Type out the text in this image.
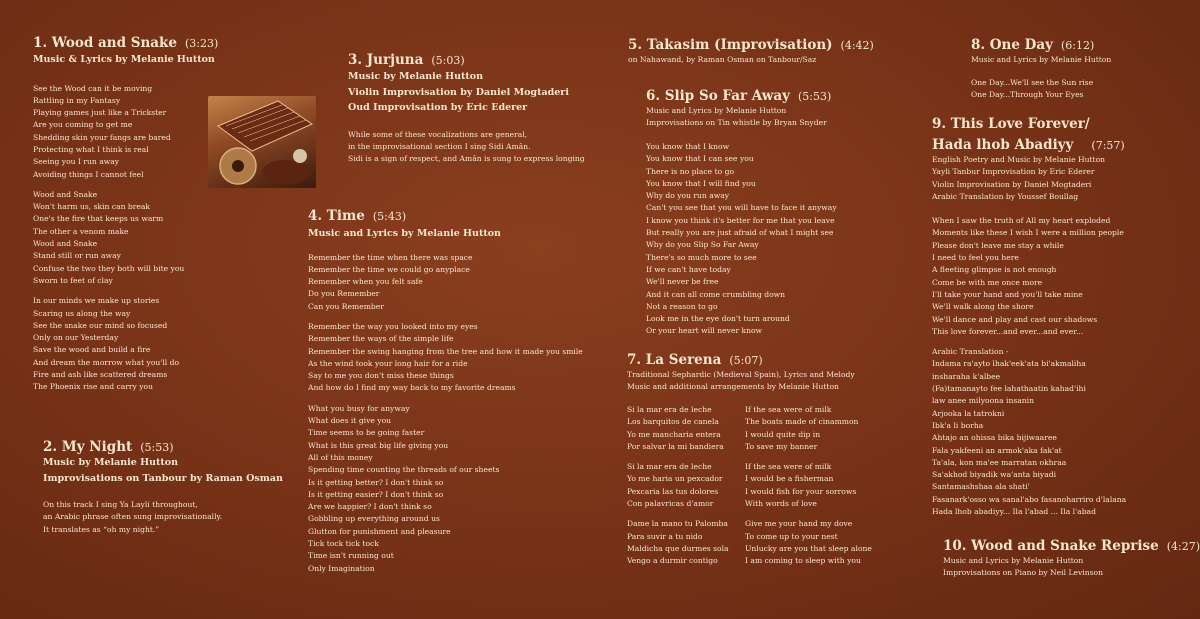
1. Wood and Snake (3:23)
Music & Lyrics by Melanie Hutton
See the Wood can it be moving
Rattling in my Fantasy
Playing games just like a Trickster
Are you coming to get me
Shedding skin your fangs are bared
Protecting what I think is real
Seeing you I run away
Avoiding things I cannot feel
Wood and Snake
Won't harm us, skin can break
One's the fire that keeps us warm
The other a venom make
Wood and Snake
Stand still or run away
Confuse the two they both will bite you
Sworn to feet of clay
In our minds we make up stories
Scaring us along the way
See the snake our mind so focused
Only on our Yesterday
Save the wood and build a fire
And dream the morrow what you'll do
Fire and ash like scattered dreams
The Phoenix rise and carry you
2. My Night (5:53)
Music by Melanie Hutton
Improvisations on Tanbour by Raman Osman
On this track I sing Ya Layli throughout,
an Arabic phrase often sung improvisationally.
It translates as “oh my night.”
3. Jurjuna (5:03)
Music by Melanie Hutton
Violin Improvisation by Daniel Mogtaderi
Oud Improvisation by Eric Ederer
While some of these vocalizations are general,
in the improvisational section I sing Sidi Amân.
Sidi is a sign of respect, and Amân is sung to express longing
4. Time (5:43)
Music and Lyrics by Melanie Hutton
Remember the time when there was space
Remember the time we could go anyplace
Remember when you felt safe
Do you Remember
Can you Remember
Remember the way you looked into my eyes
Remember the ways of the simple life
Remember the swing hanging from the tree and how it made you smile
As the wind took your long hair for a ride
Say to me you don't miss these things
And how do I find my way back to my favorite dreams
What you busy for anyway
What does it give you
Time seems to be going faster
What is this great big life giving you
All of this money
Spending time counting the threads of our sheets
Is it getting better? I don't think so
Is it getting easier? I don't think so
Are we happier? I don't think so
Gobbling up everything around us
Glutton for punishment and pleasure
Tick tock tick tock
Time isn't running out
Only Imagination
5. Takasim (Improvisation) (4:42)
on Nahawand, by Raman Osman on Tanbour/Saz
6. Slip So Far Away (5:53)
Music and Lyrics by Melanie Hutton
Improvisations on Tin whistle by Bryan Snyder
You know that I know
You know that I can see you
There is no place to go
You know that I will find you
Why do you run away
Can't you see that you will have to face it anyway
I know you think it's better for me that you leave
But really you are just afraid of what I might see
Why do you Slip So Far Away
There's so much more to see
If we can't have today
We'll never be free
And it can all come crumbling down
Not a reason to go
Look me in the eye don't turn around
Or your heart will never know
7. La Serena (5:07)
Traditional Sephardic (Medieval Spain), Lyrics and Melody
Music and additional arrangements by Melanie Hutton
Si la mar era de leche
Los barquitos de canela
Yo me mancharia entera
Por salvar la mi bandiera
Si la mar era de leche
Yo me haria un pexcador
Pexcaria las tus dolores
Con palavricas d'amor
Dame la mano tu Palomba
Para suvir a tu nido
Maldicha que durmes sola
Vengo a durmir contigo
If the sea were of milk
The boats made of cinammon
I would quite dip in
To save my banner
If the sea were of milk
I would be a fisherman
I would fish for your sorrows
With words of love
Give me your hand my dove
To come up to your nest
Unlucky are you that sleep alone
I am coming to sleep with you
8. One Day (6:12)
Music and Lyrics by Melanie Hutton
One Day...We'll see the Sun rise
One Day...Through Your Eyes
9. This Love Forever/
Hada lhob Abadiyy (7:57)
English Poetry and Music by Melanie Hutton
Yayli Tanbur Improvisation by Eric Ederer
Violin Improvisation by Daniel Mogtaderi
Arabic Translation by Youssef Boullag
When I saw the truth of All my heart exploded
Moments like these I wish I were a million people
Please don't leave me stay a while
I need to feel you here
A fleeting glimpse is not enough
Come be with me once more
I'll take your hand and you'll take mine
We'll walk along the shore
We'll dance and play and cast our shadows
This love forever...and ever...and ever...
Arabic Translation -
Indama ra'ayto lhak'eek'ata bi'akmaliha
insharaha k'albee
(Fa)tamanayto fee lahathaatin kahad'ihi
law anee milyoona insanin
Arjooka la tatrokni
Ibk'a li borha
Ahtajo an ohissa bika bijiwaaree
Fala yakfeeni an armok'aka fak'at
Ta'ala, kon ma'ee marratan okhraa
Sa'akhod biyadik wa'anta biyadi
Santamashshaa ala shati'
Fasanark'osso wa sanal'abo fasanoharriro d'lalana
Hada lhob abadiyy... Ila l'abad ... Ila l'abad
10. Wood and Snake Reprise (4:27)
Music and Lyrics by Melanie Hutton
Improvisations on Piano by Neil Levinson
